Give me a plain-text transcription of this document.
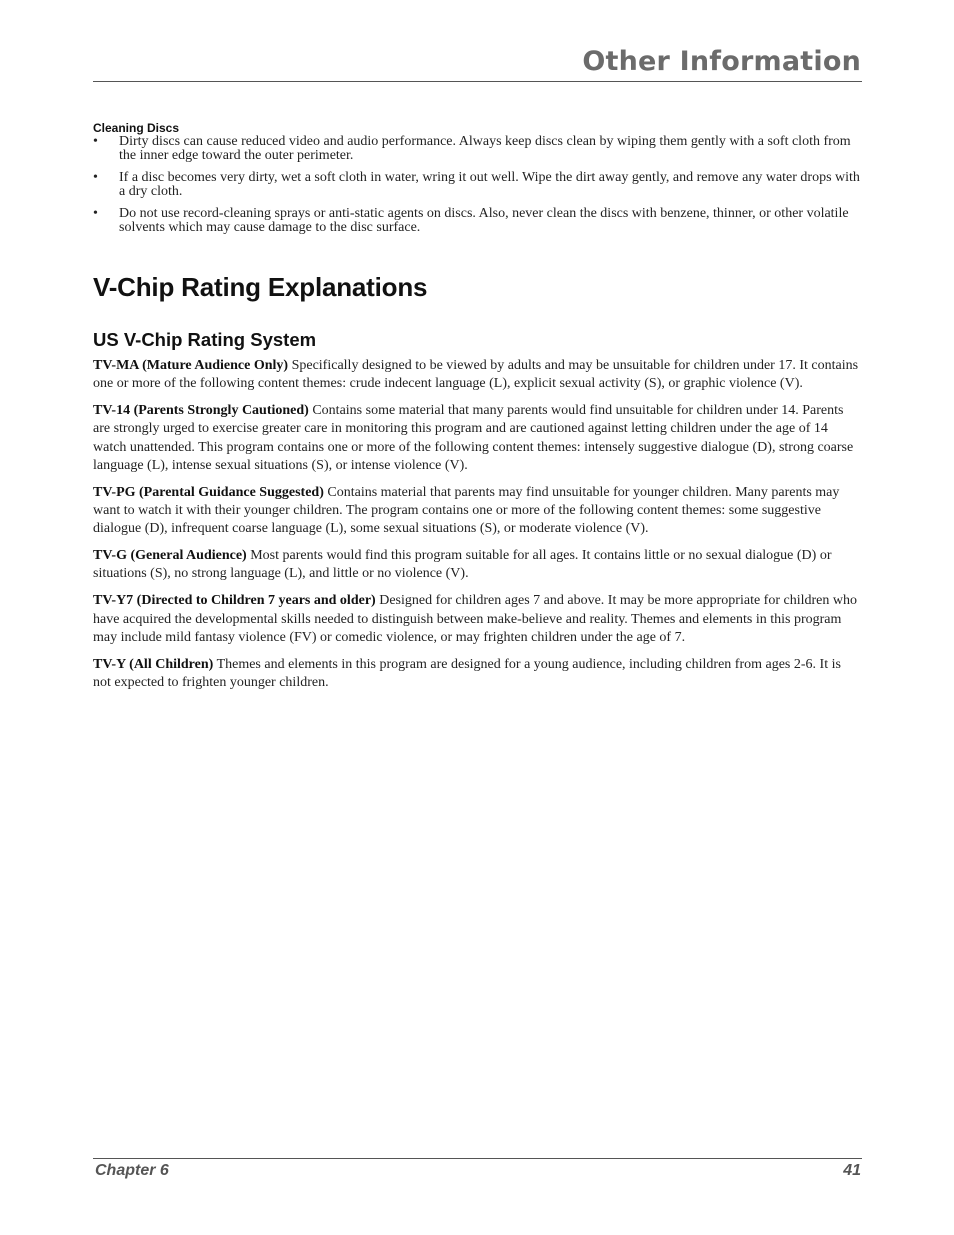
Other Information
Cleaning Discs
• Dirty discs can cause reduced video and audio performance. Always keep discs clean by wiping them gently with a soft cloth from the inner edge toward the outer perimeter.
• If a disc becomes very dirty, wet a soft cloth in water, wring it out well. Wipe the dirt away gently, and remove any water drops with a dry cloth.
• Do not use record-cleaning sprays or anti-static agents on discs. Also, never clean the discs with benzene, thinner, or other volatile solvents which may cause damage to the disc surface.
V-Chip Rating Explanations
US V-Chip Rating System

TV-MA (Mature Audience Only) Specifically designed to be viewed by adults and may be unsuitable for children under 17. It contains one or more of the following content themes: crude indecent language (L), explicit sexual activity (S), or graphic violence (V).

TV-14 (Parents Strongly Cautioned) Contains some material that many parents would find unsuitable for children under 14. Parents are strongly urged to exercise greater care in monitoring this program and are cautioned against letting children under the age of 14 watch unattended. This program contains one or more of the following content themes: intensely suggestive dialogue (D), strong coarse language (L), intense sexual situations (S), or intense violence (V).

TV-PG (Parental Guidance Suggested) Contains material that parents may find unsuitable for younger children. Many parents may want to watch it with their younger children. The program contains one or more of the following content themes: some suggestive dialogue (D), infrequent coarse language (L), some sexual situations (S), or moderate violence (V).

TV-G (General Audience) Most parents would find this program suitable for all ages. It contains little or no sexual dialogue (D) or situations (S), no strong language (L), and little or no violence (V).

TV-Y7 (Directed to Children 7 years and older) Designed for children ages 7 and above. It may be more appropriate for children who have acquired the developmental skills needed to distinguish between make-believe and reality. Themes and elements in this program may include mild fantasy violence (FV) or comedic violence, or may frighten children under the age of 7.

TV-Y (All Children) Themes and elements in this program are designed for a young audience, including children from ages 2-6. It is not expected to frighten younger children.

Chapter 6	41
